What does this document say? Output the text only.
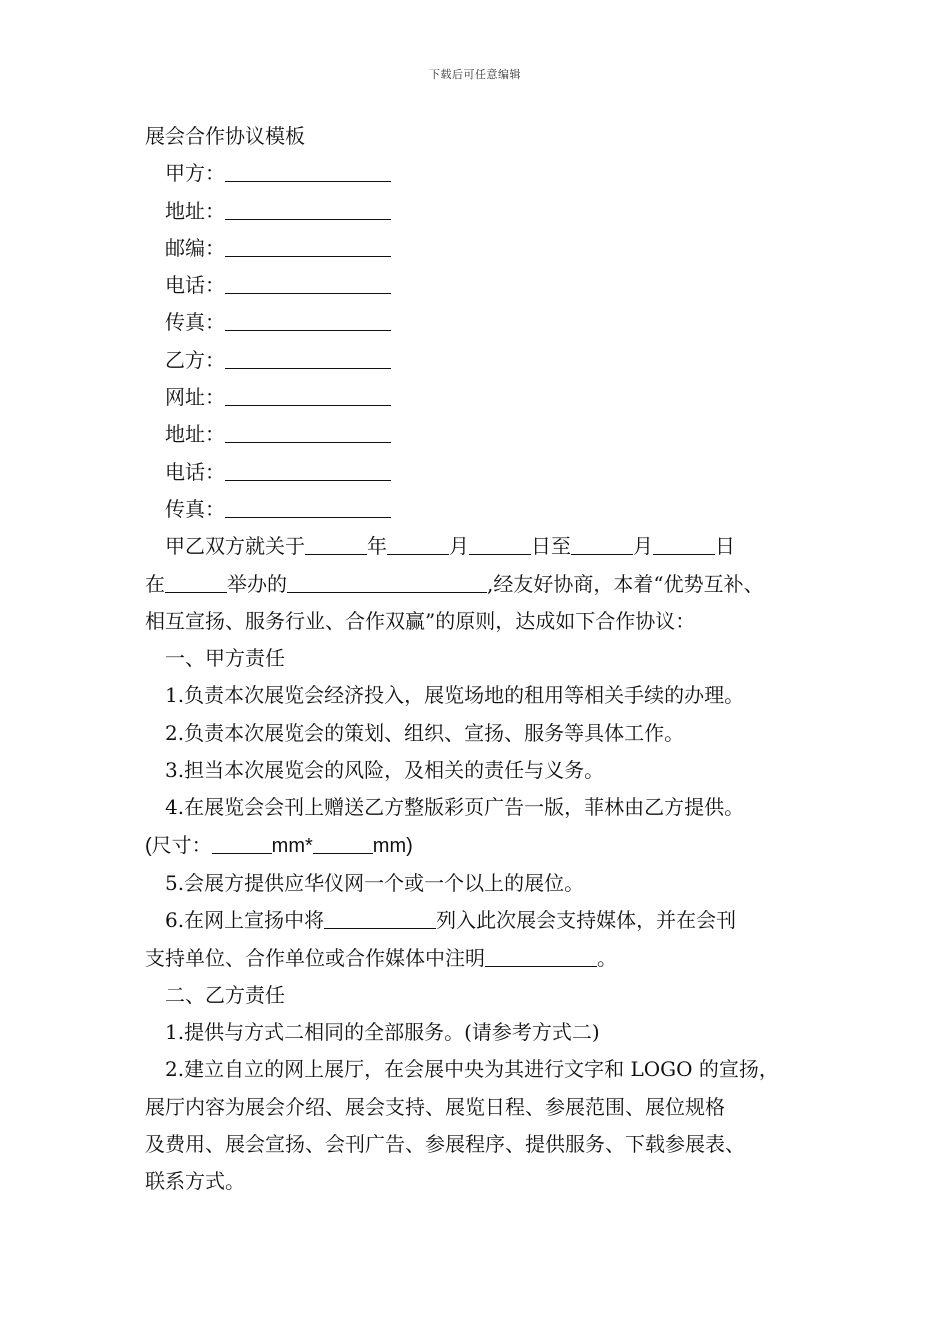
下载后可任意编辑
展会合作协议模板
甲方：
地址：
邮编：
电话：
传真：
乙方：
网址：
地址：
电话：
传真：
甲乙双方就关于	年	月	日至	月	日
在	举办的	,经友好协商，本着“优势互补、
相互宣扬、服务行业、合作双赢”的原则，达成如下合作协议：
一、甲方责任
1.负责本次展览会经济投入，展览场地的租用等相关手续的办理。
2.负责本次展览会的策划、组织、宣扬、服务等具体工作。
3.担当本次展览会的风险，及相关的责任与义务。
4.在展览会会刊上赠送乙方整版彩页广告一版，菲林由乙方提供。
(尺寸：	mm*	mm)
5.会展方提供应华仪网一个或一个以上的展位。
6.在网上宣扬中将	列入此次展会支持媒体，并在会刊
支持单位、合作单位或合作媒体中注明	。
二、乙方责任
1.提供与方式二相同的全部服务。(请参考方式二)
2.建立自立的网上展厅，在会展中央为其进行文字和 LOGO 的宣扬，
展厅内容为展会介绍、展会支持、展览日程、参展范围、展位规格
及费用、展会宣扬、会刊广告、参展程序、提供服务、下载参展表、
联系方式。
